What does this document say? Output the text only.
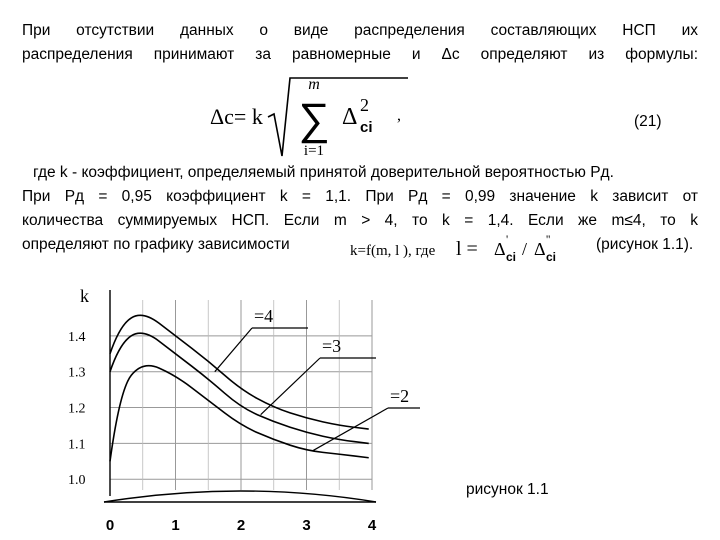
При отсутствии данных о виде распределения составляющих НСП их
распределения принимают за равномерные и Δс определяют из формулы:
Δc= k
m
∑
i=1
Δ 2
ci
,	(21)
где k - коэффициент, определяемый принятой доверительной вероятностью Pд.
При Pд = 0,95 коэффициент k = 1,1. При Pд = 0,99 значение k зависит от
количества суммируемых НСП. Если m > 4, то k = 1,4. Если же m≤4, то k
определяют по графику зависимости	k=f(m, l ), где l = Δ '
ci / Δ ''
ci
(рисунок 1.1).
1.4
1.3
1.2
1.1
1.0
0	1	2	3	4
k
=4
=3
=2
рисунок 1.1
